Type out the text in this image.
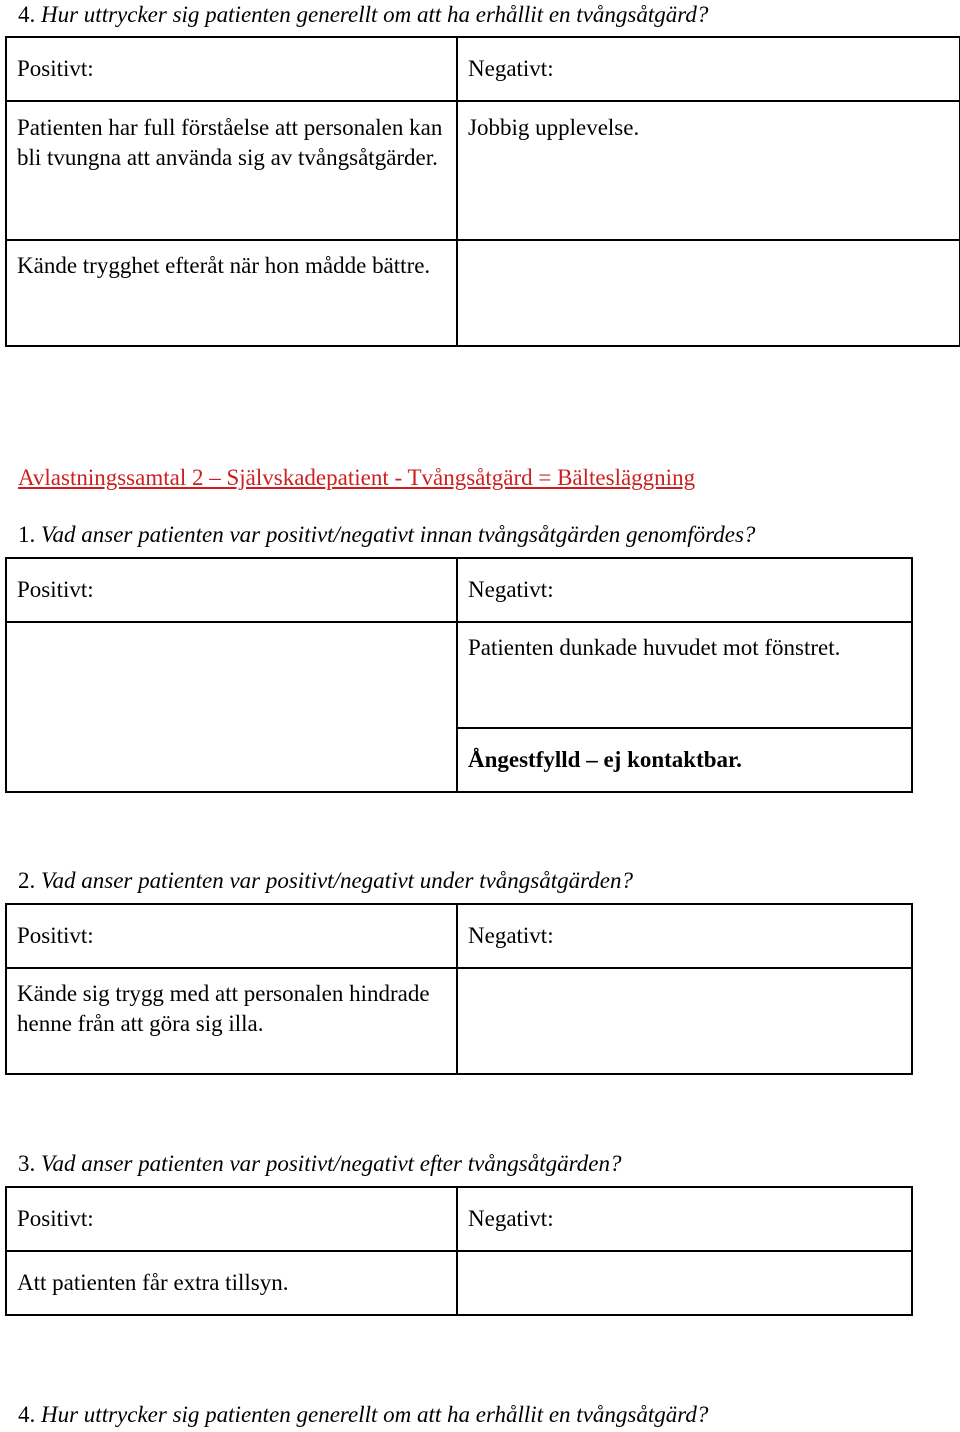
4. Hur uttrycker sig patienten generellt om att ha erhållit en tvångsåtgärd?
Positivt:	Negativt:

Patienten har full förståelse att personalen kan bli tvungna att använda sig av tvångsåtgärder.	Jobbig upplevelse.

Kände trygghet efteråt när hon mådde bättre.	

Avlastningssamtal 2 – Självskadepatient - Tvångsåtgärd = Bältesläggning
1. Vad anser patienten var positivt/negativt innan tvångsåtgärden genomfördes?
Positivt:	Negativt:

	Patienten dunkade huvudet mot fönstret.

	Ångestfylld – ej kontaktbar.

2. Vad anser patienten var positivt/negativt under tvångsåtgärden?
Positivt:	Negativt:

Kände sig trygg med att personalen hindrade henne från att göra sig illa.	

3. Vad anser patienten var positivt/negativt efter tvångsåtgärden?
Positivt:	Negativt:

Att patienten får extra tillsyn.	

4. Hur uttrycker sig patienten generellt om att ha erhållit en tvångsåtgärd?
